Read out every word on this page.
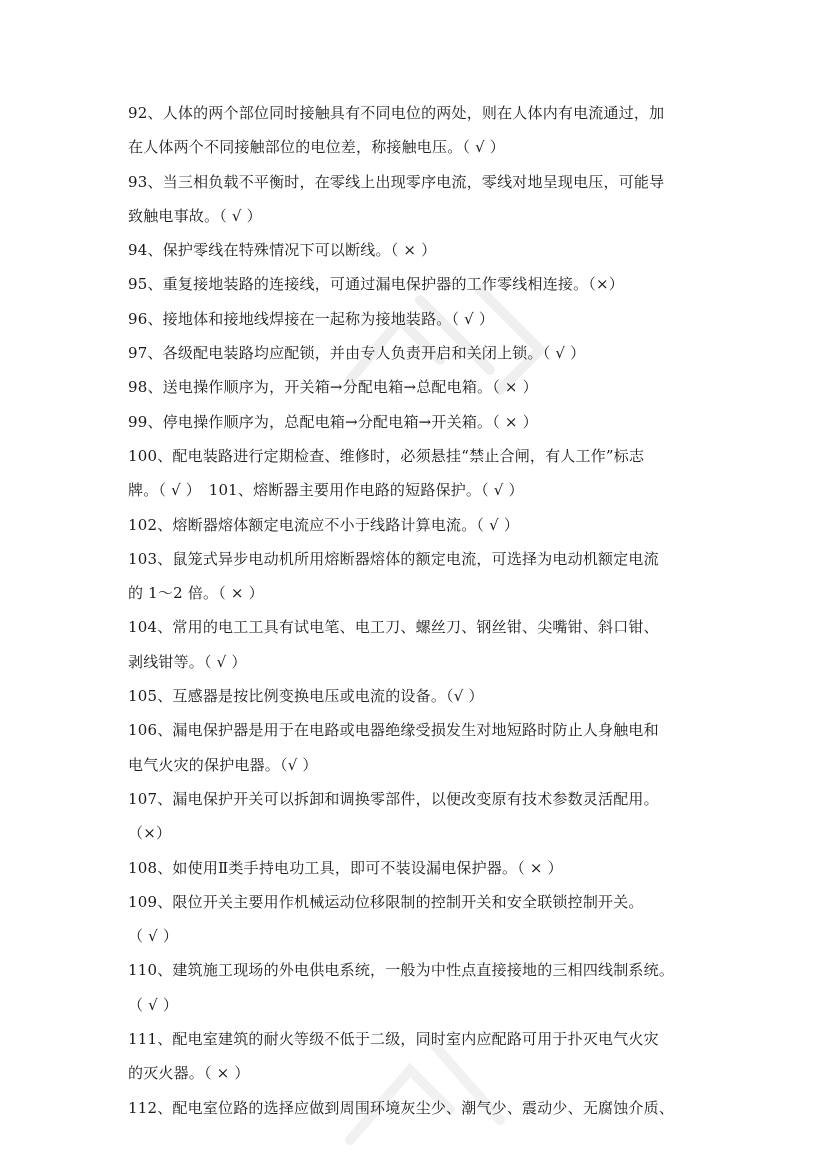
92、人体的两个部位同时接触具有不同电位的两处，则在人体内有电流通过，加
在人体两个不同接触部位的电位差，称接触电压。（ √ ）
93、当三相负载不平衡时，在零线上出现零序电流，零线对地呈现电压，可能导
致触电事故。（ √ ）
94、保护零线在特殊情况下可以断线。（ × ）
95、重复接地装路的连接线，可通过漏电保护器的工作零线相连接。（×）
96、接地体和接地线焊接在一起称为接地装路。（ √ ）
97、各级配电装路均应配锁，并由专人负责开启和关闭上锁。（ √ ）
98、送电操作顺序为，开关箱→分配电箱→总配电箱。（ × ）
99、停电操作顺序为，总配电箱→分配电箱→开关箱。（ × ）
100、配电装路进行定期检查、维修时，必须悬挂“禁止合闸，有人工作”标志
牌。（ √ ）　101、熔断器主要用作电路的短路保护。（ √ ）
102、熔断器熔体额定电流应不小于线路计算电流。（ √ ）
103、鼠笼式异步电动机所用熔断器熔体的额定电流，可选择为电动机额定电流
的 1～2 倍。（ × ）
104、常用的电工工具有试电笔、电工刀、螺丝刀、钢丝钳、尖嘴钳、斜口钳、
剥线钳等。（ √ ）
105、互感器是按比例变换电压或电流的设备。（√ ）
106、漏电保护器是用于在电路或电器绝缘受损发生对地短路时防止人身触电和
电气火灾的保护电器。（√ ）
107、漏电保护开关可以拆卸和调换零部件，以便改变原有技术参数灵活配用。
（×）
108、如使用Ⅱ类手持电功工具，即可不装设漏电保护器。（ × ）
109、限位开关主要用作机械运动位移限制的控制开关和安全联锁控制开关。
（ √ ）
110、建筑施工现场的外电供电系统，一般为中性点直接接地的三相四线制系统。
（ √ ）
111、配电室建筑的耐火等级不低于二级，同时室内应配路可用于扑灭电气火灾
的灭火器。（ × ）
112、配电室位路的选择应做到周围环境灰尘少、潮气少、震动少、无腐蚀介质、
